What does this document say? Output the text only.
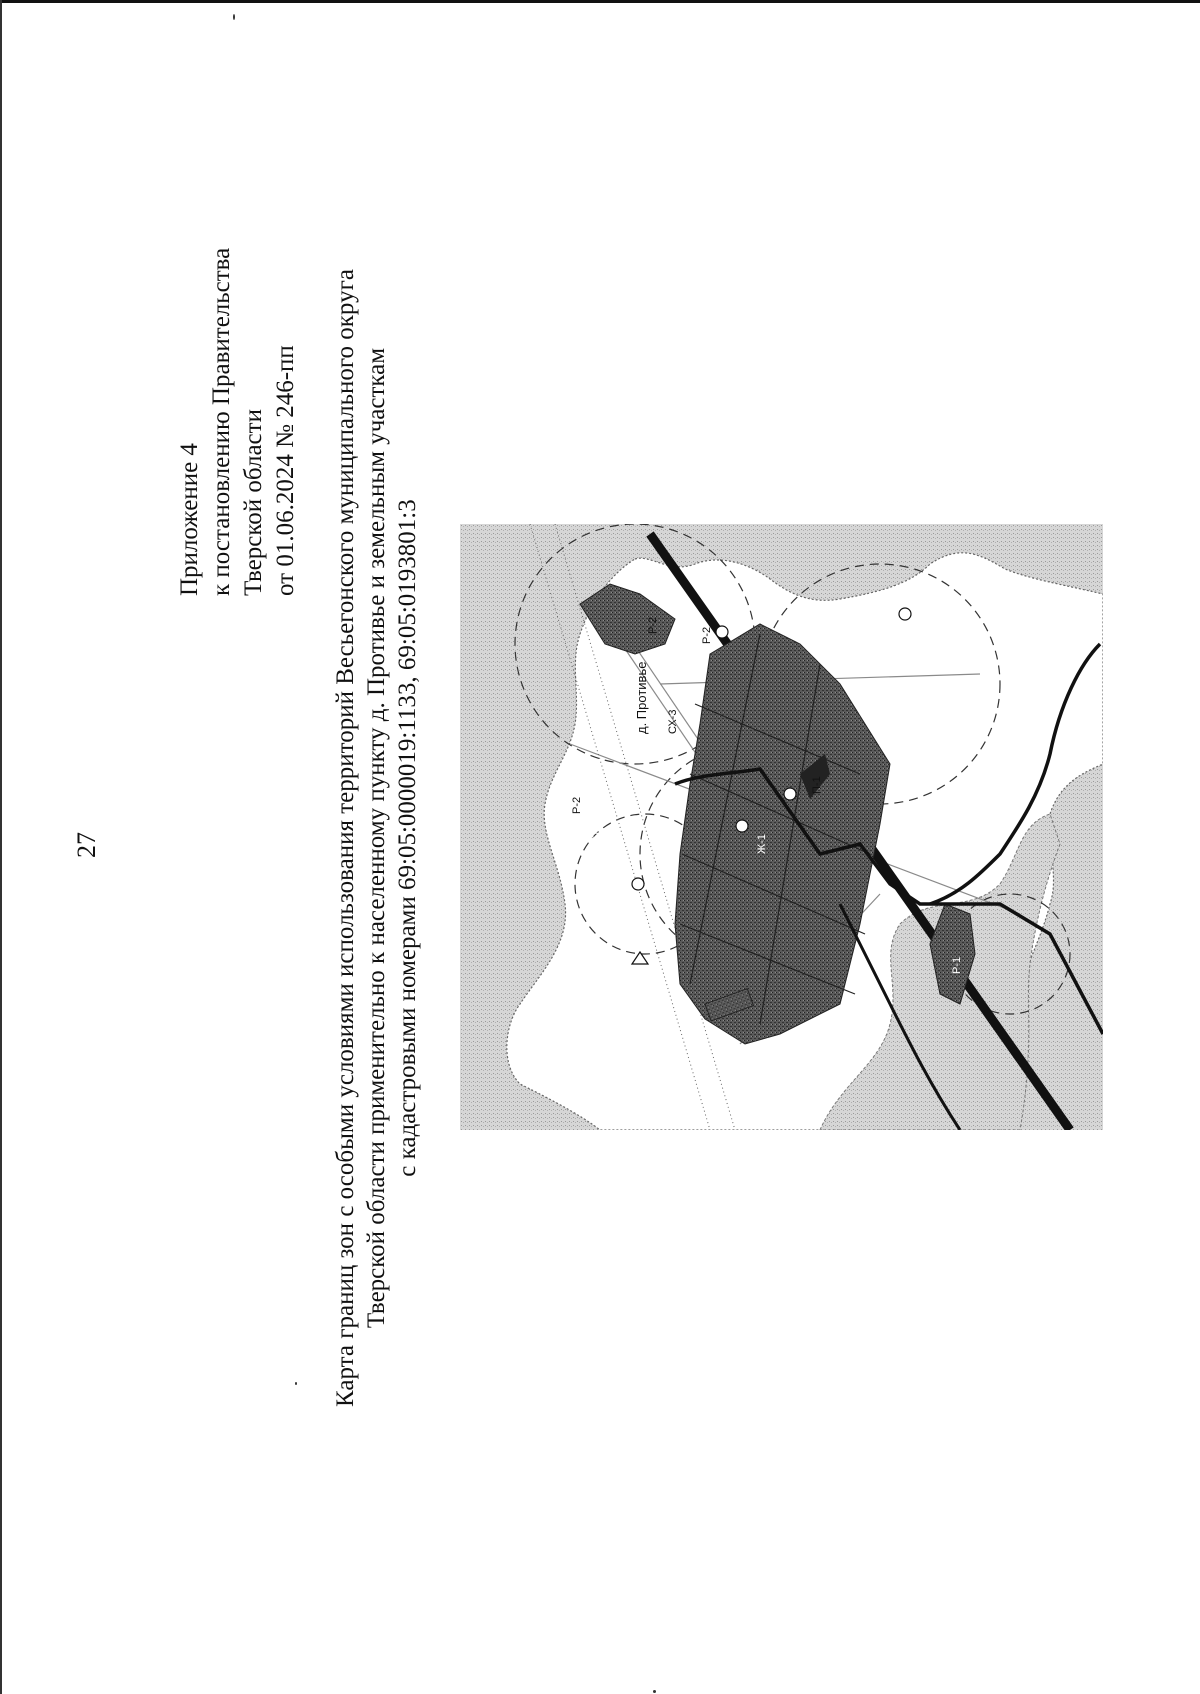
27
Приложение 4 к постановлению Правительства Тверской области от 01.06.2024 № 246-пп Карта границ зон с особыми условиями использования территорий Весьегонского муниципального округа Тверской области применительно к населенному пункту д. Противье и земельным участкам с кадастровыми номерами 69:05:0000019:1133, 69:05:0193801:3	д. Противье
Весьегонск – Противье
Р-2
Ж-1
Р-2
СХ-3
Р-2
Ж-1
П-1
Р-1
